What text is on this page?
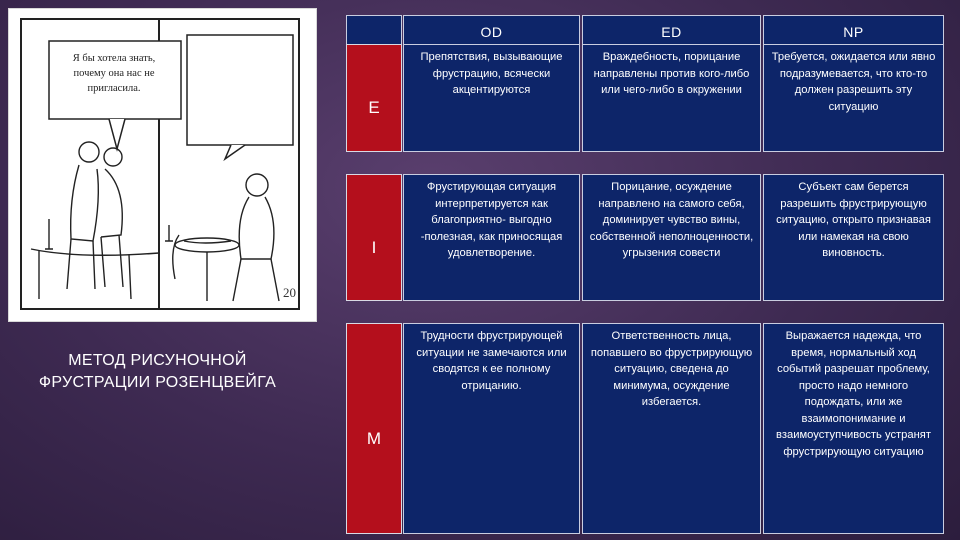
Я бы хотела знать, почему она нас не пригласила.
20
МЕТОД РИСУНОЧНОЙ ФРУСТРАЦИИ РОЗЕНЦВЕЙГА
OD	ED	NP
E
Препятствия, вызывающие фрустрацию, всячески акцентируются
Враждебность, порицание направлены против кого-либо или чего-либо в окружении
Требуется, ожидается или явно подразумевается, что кто-то должен разрешить эту ситуацию
I
Фрустирующая ситуация интерпретируется как благоприятно- выгодно -полезная, как приносящая удовлетворение.
Порицание, осуждение направлено на самого себя, доминирует чувство вины, собственной неполноценности, угрызения совести
Субъект сам берется разрешить фрустрирующую ситуацию, открыто признавая или намекая на свою виновность.
M
Трудности фрустрирующей ситуации не замечаются или сводятся к ее полному отрицанию.
Ответственность лица, попавшего во фрустрирующую ситуацию, сведена до минимума, осуждение избегается.
Выражается надежда, что время, нормальный ход событий разрешат проблему, просто надо немного подождать, или же взаимопонимание и взаимоуступчивость устранят фрустрирующую ситуацию
